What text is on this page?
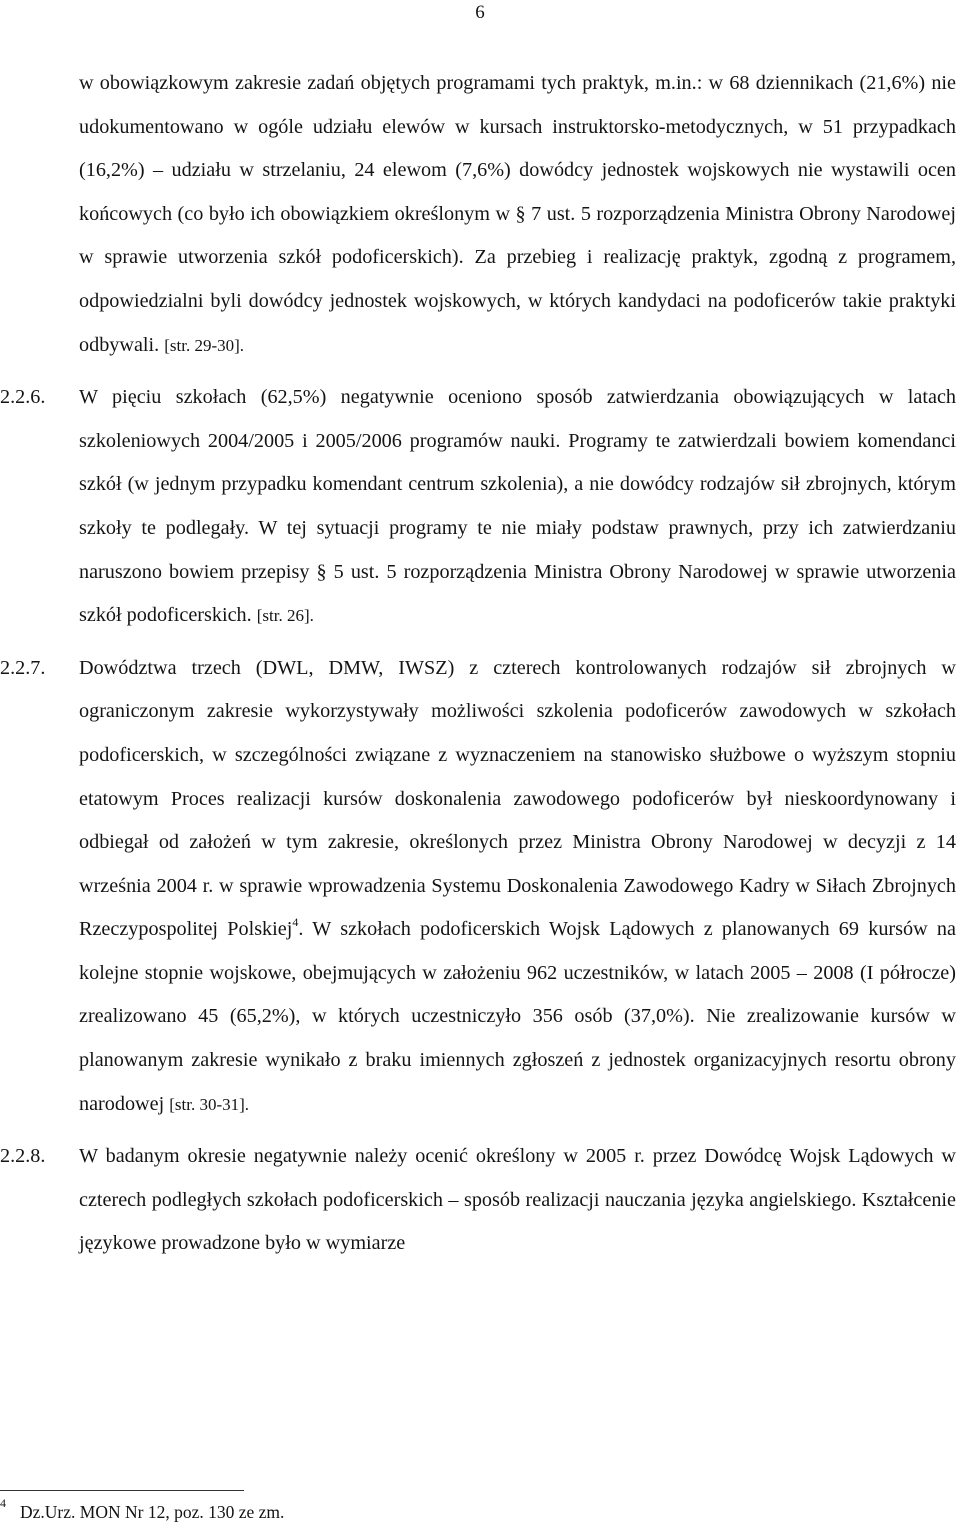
6

w obowiązkowym zakresie zadań objętych programami tych praktyk, m.in.: w 68 dziennikach (21,6%) nie udokumentowano w ogóle udziału elewów w kursach instruktorsko-metodycznych, w 51 przypadkach (16,2%) – udziału w strzelaniu, 24 elewom (7,6%) dowódcy jednostek wojskowych nie wystawili ocen końcowych (co było ich obowiązkiem określonym w § 7 ust. 5 rozporządzenia Ministra Obrony Narodowej w sprawie utworzenia szkół podoficerskich). Za przebieg i realizację praktyk, zgodną z programem, odpowiedzialni byli dowódcy jednostek wojskowych, w których kandydaci na podoficerów takie praktyki odbywali. [str. 29-30].

2.2.6. W pięciu szkołach (62,5%) negatywnie oceniono sposób zatwierdzania obowiązujących w latach szkoleniowych 2004/2005 i 2005/2006 programów nauki. Programy te zatwierdzali bowiem komendanci szkół (w jednym przypadku komendant centrum szkolenia), a nie dowódcy rodzajów sił zbrojnych, którym szkoły te podlegały. W tej sytuacji programy te nie miały podstaw prawnych, przy ich zatwierdzaniu naruszono bowiem przepisy § 5 ust. 5 rozporządzenia Ministra Obrony Narodowej w sprawie utworzenia szkół podoficerskich. [str. 26].

2.2.7. Dowództwa trzech (DWL, DMW, IWSZ) z czterech kontrolowanych rodzajów sił zbrojnych w ograniczonym zakresie wykorzystywały możliwości szkolenia podoficerów zawodowych w szkołach podoficerskich, w szczególności związane z wyznaczeniem na stanowisko służbowe o wyższym stopniu etatowym Proces realizacji kursów doskonalenia zawodowego podoficerów był nieskoordynowany i odbiegał od założeń w tym zakresie, określonych przez Ministra Obrony Narodowej w decyzji z 14 września 2004 r. w sprawie wprowadzenia Systemu Doskonalenia Zawodowego Kadry w Siłach Zbrojnych Rzeczypospolitej Polskiej$^4$. W szkołach podoficerskich Wojsk Lądowych z planowanych 69 kursów na kolejne stopnie wojskowe, obejmujących w założeniu 962 uczestników, w latach 2005 – 2008 (I półrocze) zrealizowano 45 (65,2%), w których uczestniczyło 356 osób (37,0%). Nie zrealizowanie kursów w planowanym zakresie wynikało z braku imiennych zgłoszeń z jednostek organizacyjnych resortu obrony narodowej [str. 30-31].

2.2.8. W badanym okresie negatywnie należy ocenić określony w 2005 r. przez Dowódcę Wojsk Lądowych w czterech podległych szkołach podoficerskich – sposób realizacji nauczania języka angielskiego. Kształcenie językowe prowadzone było w wymiarze

$^4$ Dz.Urz. MON Nr 12, poz. 130 ze zm.
